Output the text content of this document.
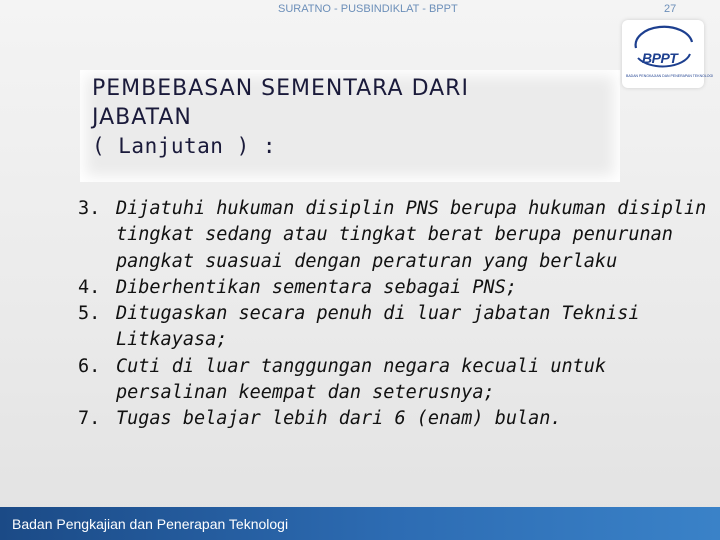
PEMBEBASAN SEMENTARA DARI
JABATAN
( Lanjutan ) :
BPPT
BADAN PENGKAJIAN DAN PENERAPAN TEKNOLOGI
3. Dijatuhi hukuman disiplin PNS berupa hukuman disiplin tingkat sedang atau tingkat berat berupa penurunan pangkat suasuai dengan peraturan yang berlaku
4. Diberhentikan sementara sebagai PNS;
5. Ditugaskan secara penuh di luar jabatan Teknisi Litkayasa;
6. Cuti di luar tanggungan negara kecuali untuk persalinan keempat dan seterusnya;
7. Tugas belajar lebih dari 6 (enam) bulan.
Badan Pengkajian dan Penerapan Teknologi
SURATNO - PUSBINDIKLAT - BPPT	27
